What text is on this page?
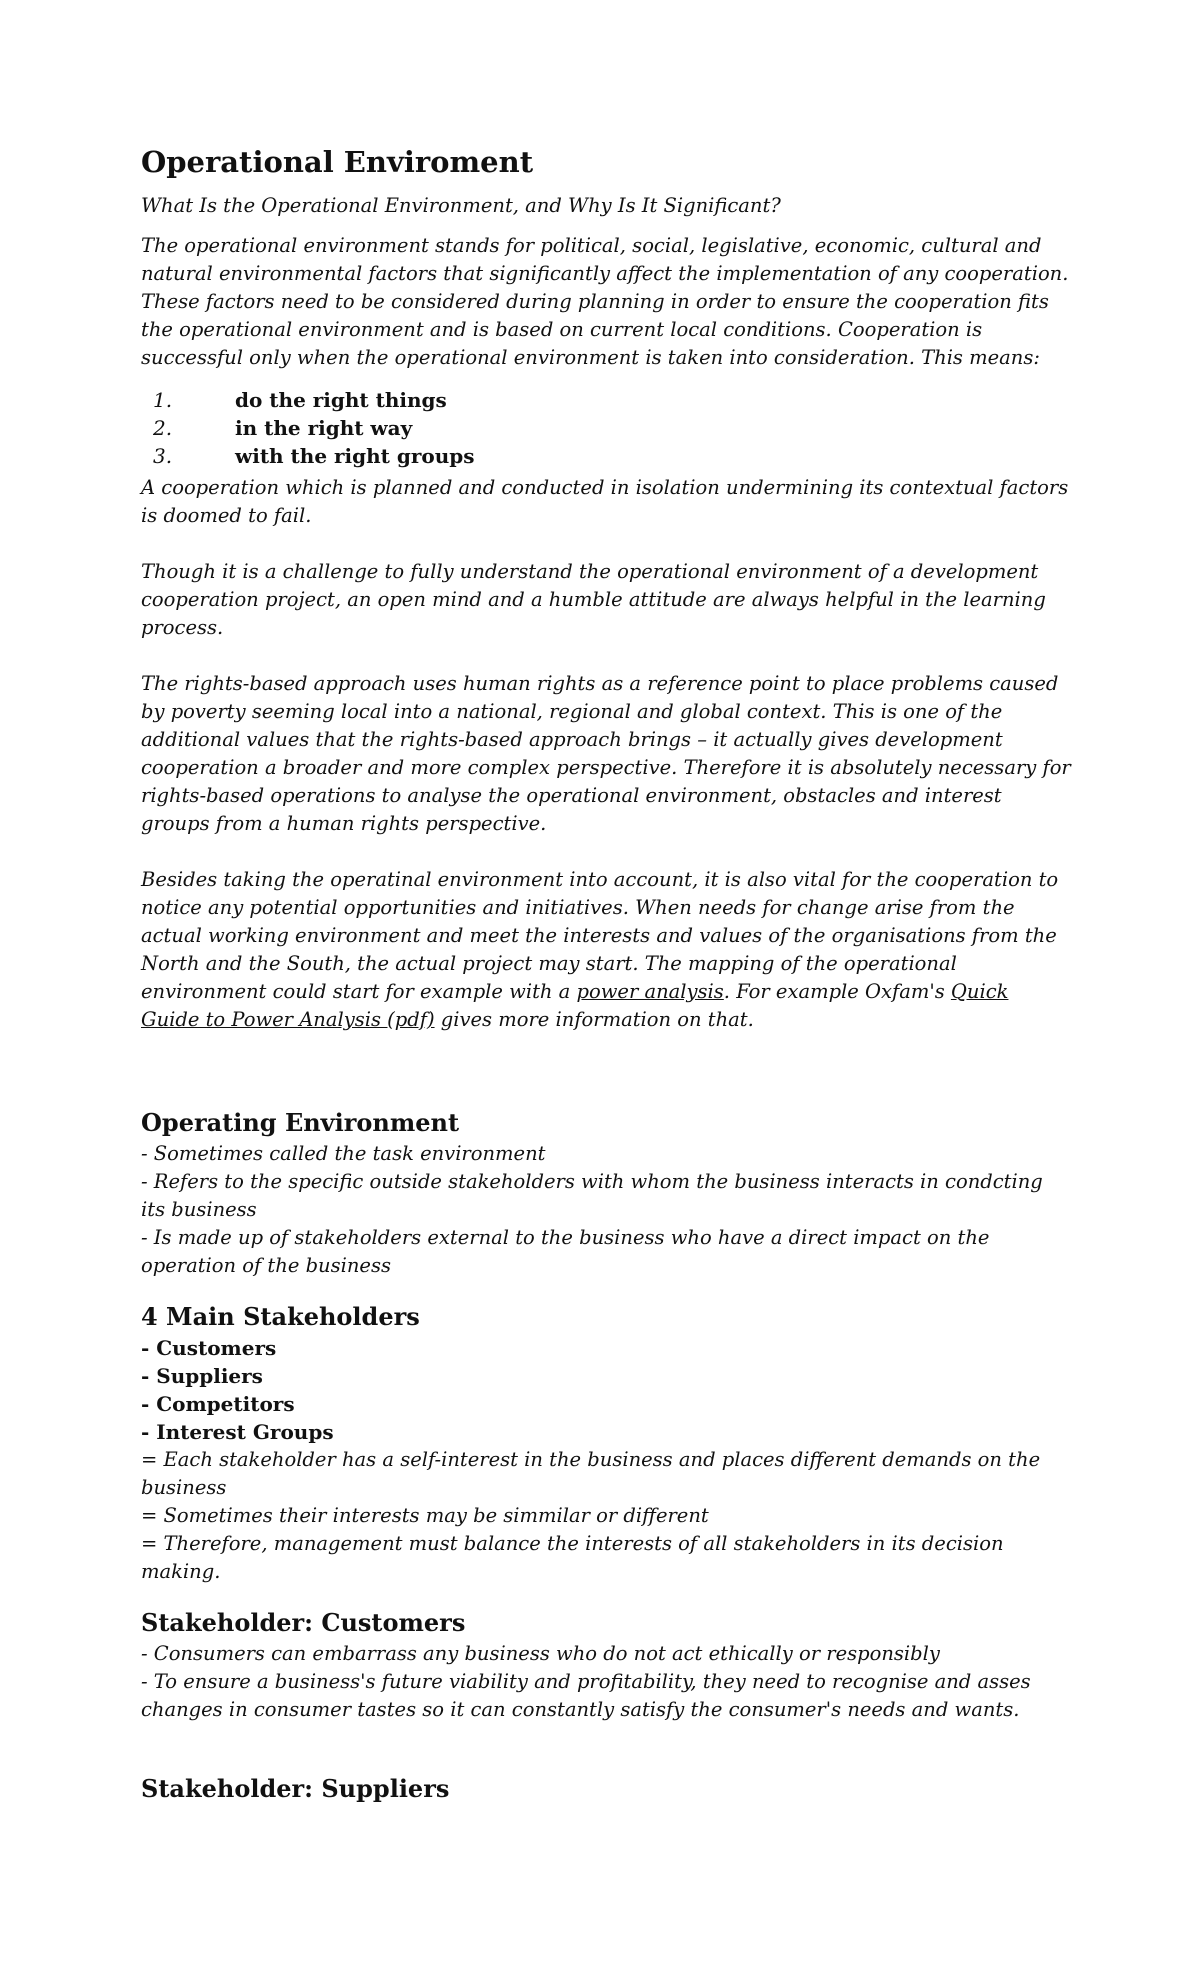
Operational Enviroment

What Is the Operational Environment, and Why Is It Significant?

The operational environment stands for political, social, legislative, economic, cultural and natural environmental factors that significantly affect the implementation of any cooperation. These factors need to be considered during planning in order to ensure the cooperation fits the operational environment and is based on current local conditions. Cooperation is successful only when the operational environment is taken into consideration. This means:

1.	do the right things
2.	in the right way
3.	with the right groups

A cooperation which is planned and conducted in isolation undermining its contextual factors is doomed to fail.

Though it is a challenge to fully understand the operational environment of a development cooperation project, an open mind and a humble attitude are always helpful in the learning process.

The rights-based approach uses human rights as a reference point to place problems caused by poverty seeming local into a national, regional and global context. This is one of the additional values that the rights-based approach brings – it actually gives development cooperation a broader and more complex perspective. Therefore it is absolutely necessary for rights-based operations to analyse the operational environment, obstacles and interest groups from a human rights perspective.

Besides taking the operatinal environment into account, it is also vital for the cooperation to notice any potential opportunities and initiatives. When needs for change arise from the actual working environment and meet the interests and values of the organisations from the North and the South, the actual project may start. The mapping of the operational environment could start for example with a power analysis. For example Oxfam's Quick Guide to Power Analysis (pdf) gives more information on that.

Operating Environment

- Sometimes called the task environment

- Refers to the specific outside stakeholders with whom the business interacts in condcting its business

- Is made up of stakeholders external to the business who have a direct impact on the operation of the business

4 Main Stakeholders

- Customers

- Suppliers

- Competitors

- Interest Groups

= Each stakeholder has a self-interest in the business and places different demands on the business

= Sometimes their interests may be simmilar or different

= Therefore, management must balance the interests of all stakeholders in its decision making.

Stakeholder: Customers

- Consumers can embarrass any business who do not act ethically or responsibly

- To ensure a business's future viability and profitability, they need to recognise and asses changes in consumer tastes so it can constantly satisfy the consumer's needs and wants.

Stakeholder: Suppliers
